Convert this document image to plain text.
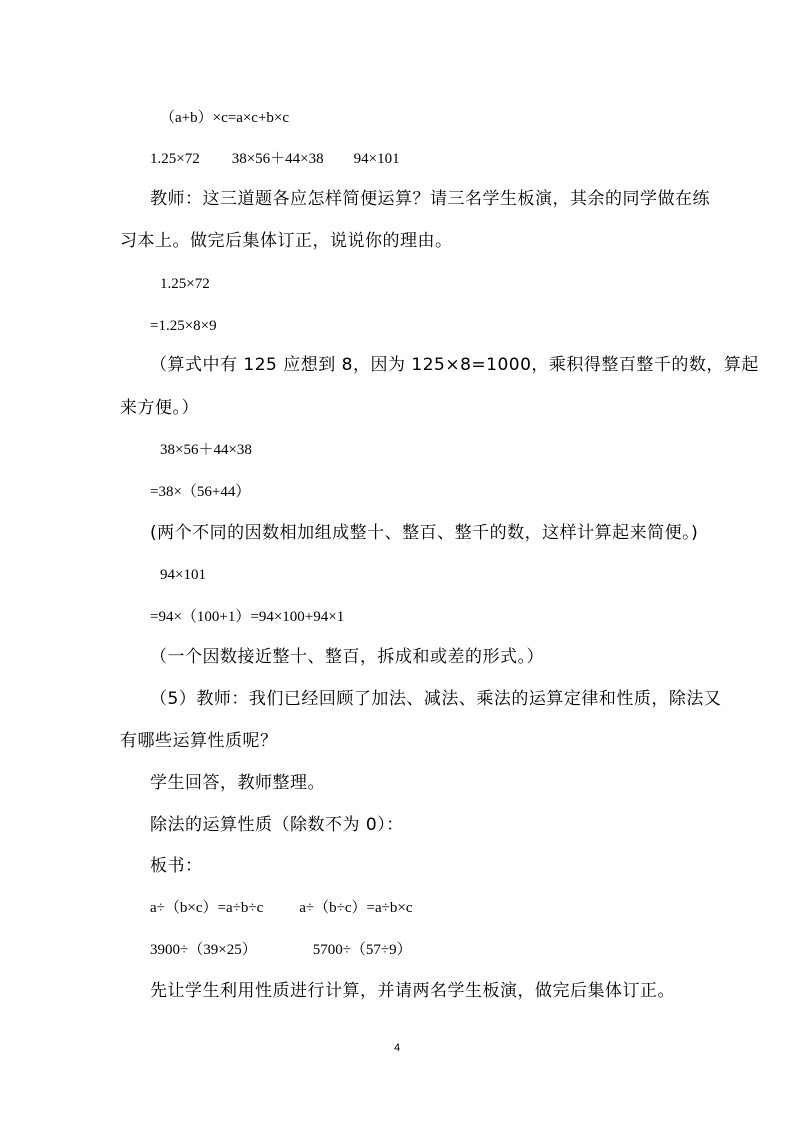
（a+b）×c=a×c+b×c
1.25×72 38×56＋44×38 94×101
教师：这三道题各应怎样简便运算？请三名学生板演，其余的同学做在练
习本上。做完后集体订正，说说你的理由。
1.25×72
=1.25×8×9
（算式中有 125 应想到 8，因为 125×8=1000，乘积得整百整千的数，算起
来方便。）
38×56＋44×38
=38×（56+44）
(两个不同的因数相加组成整十、整百、整千的数，这样计算起来简便。)
94×101
=94×（100+1）=94×100+94×1
（一个因数接近整十、整百，拆成和或差的形式。）
（5）教师：我们已经回顾了加法、减法、乘法的运算定律和性质，除法又
有哪些运算性质呢？
学生回答，教师整理。
除法的运算性质（除数不为 0）：
板书：
a÷（b×c）=a÷b÷c a÷（b÷c）=a÷b×c
3900÷（39×25）	5700÷（57÷9）
先让学生利用性质进行计算，并请两名学生板演，做完后集体订正。
4
